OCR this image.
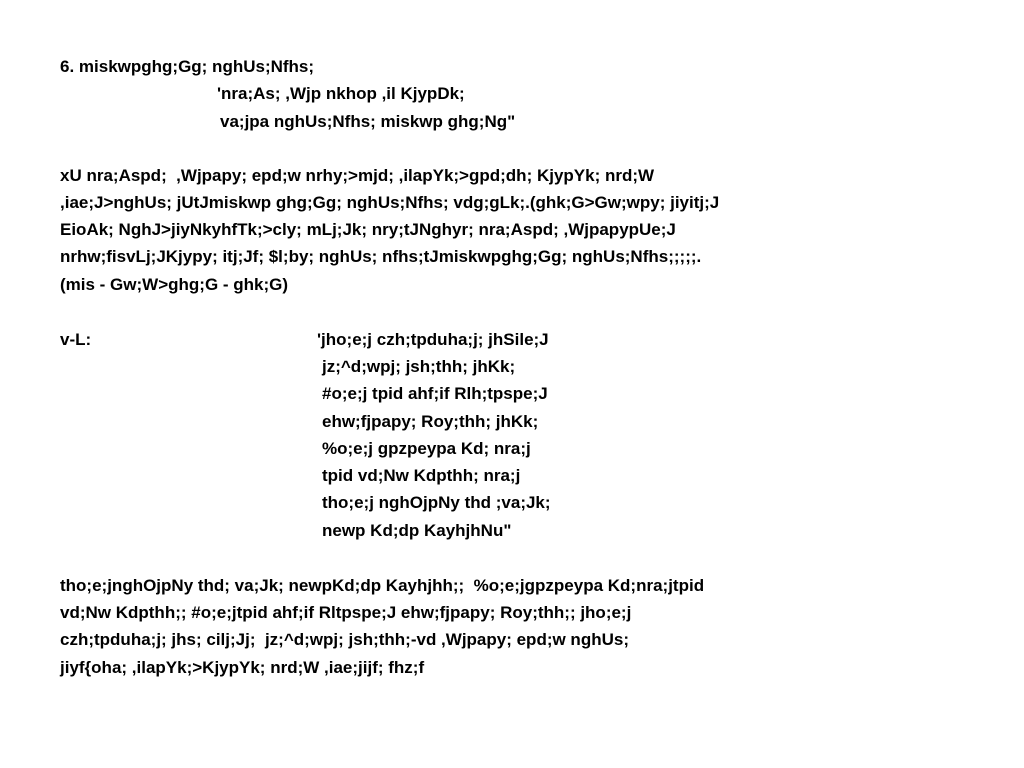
6. miskwpghg;Gg; nghUs;Nfhs;
'nra;As; ,Wjp nkhop ,il KjypDk;
va;jpa nghUs;Nfhs; miskwp ghg;Ng"
xU nra;Aspd;  ,Wjpapy; epd;w nrhy;>mjd; ,ilapYk;>gpd;dh; KjypYk; nrd;W
,iae;J>nghUs; jUtJmiskwp ghg;Gg; nghUs;Nfhs; vdg;gLk;.(ghk;G>Gw;wpy; jiyitj;J
EioAk; NghJ>jiyNkyhfTk;>cly; mLj;Jk; nry;tJNghyr; nra;Aspd; ,WjpapypUe;J
nrhw;fisvLj;JKjypy; itj;Jf; $l;by; nghUs; nfhs;tJmiskwpghg;Gg; nghUs;Nfhs;;;;;.
(mis - Gw;W>ghg;G - ghk;G)
v-L:	'jho;e;j czh;tpduha;j; jhSile;J
jz;^d;wpj; jsh;thh; jhKk;
#o;e;j tpid ahf;if Rlh;tpspe;J
ehw;fjpapy; Roy;thh; jhKk;
%o;e;j gpzpeypa Kd; nra;j
tpid vd;Nw Kdpthh; nra;j
tho;e;j nghOjpNy thd ;va;Jk;
newp Kd;dp KayhjhNu"
tho;e;jnghOjpNy thd; va;Jk; newpKd;dp Kayhjhh;;  %o;e;jgpzpeypa Kd;nra;jtpid
vd;Nw Kdpthh;; #o;e;jtpid ahf;if Rltpspe;J ehw;fjpapy; Roy;thh;; jho;e;j
czh;tpduha;j; jhs; cilj;Jj;  jz;^d;wpj; jsh;thh;-vd ,Wjpapy; epd;w nghUs;
jiyf{oha; ,ilapYk;>KjypYk; nrd;W ,iae;jijf; fhz;f
